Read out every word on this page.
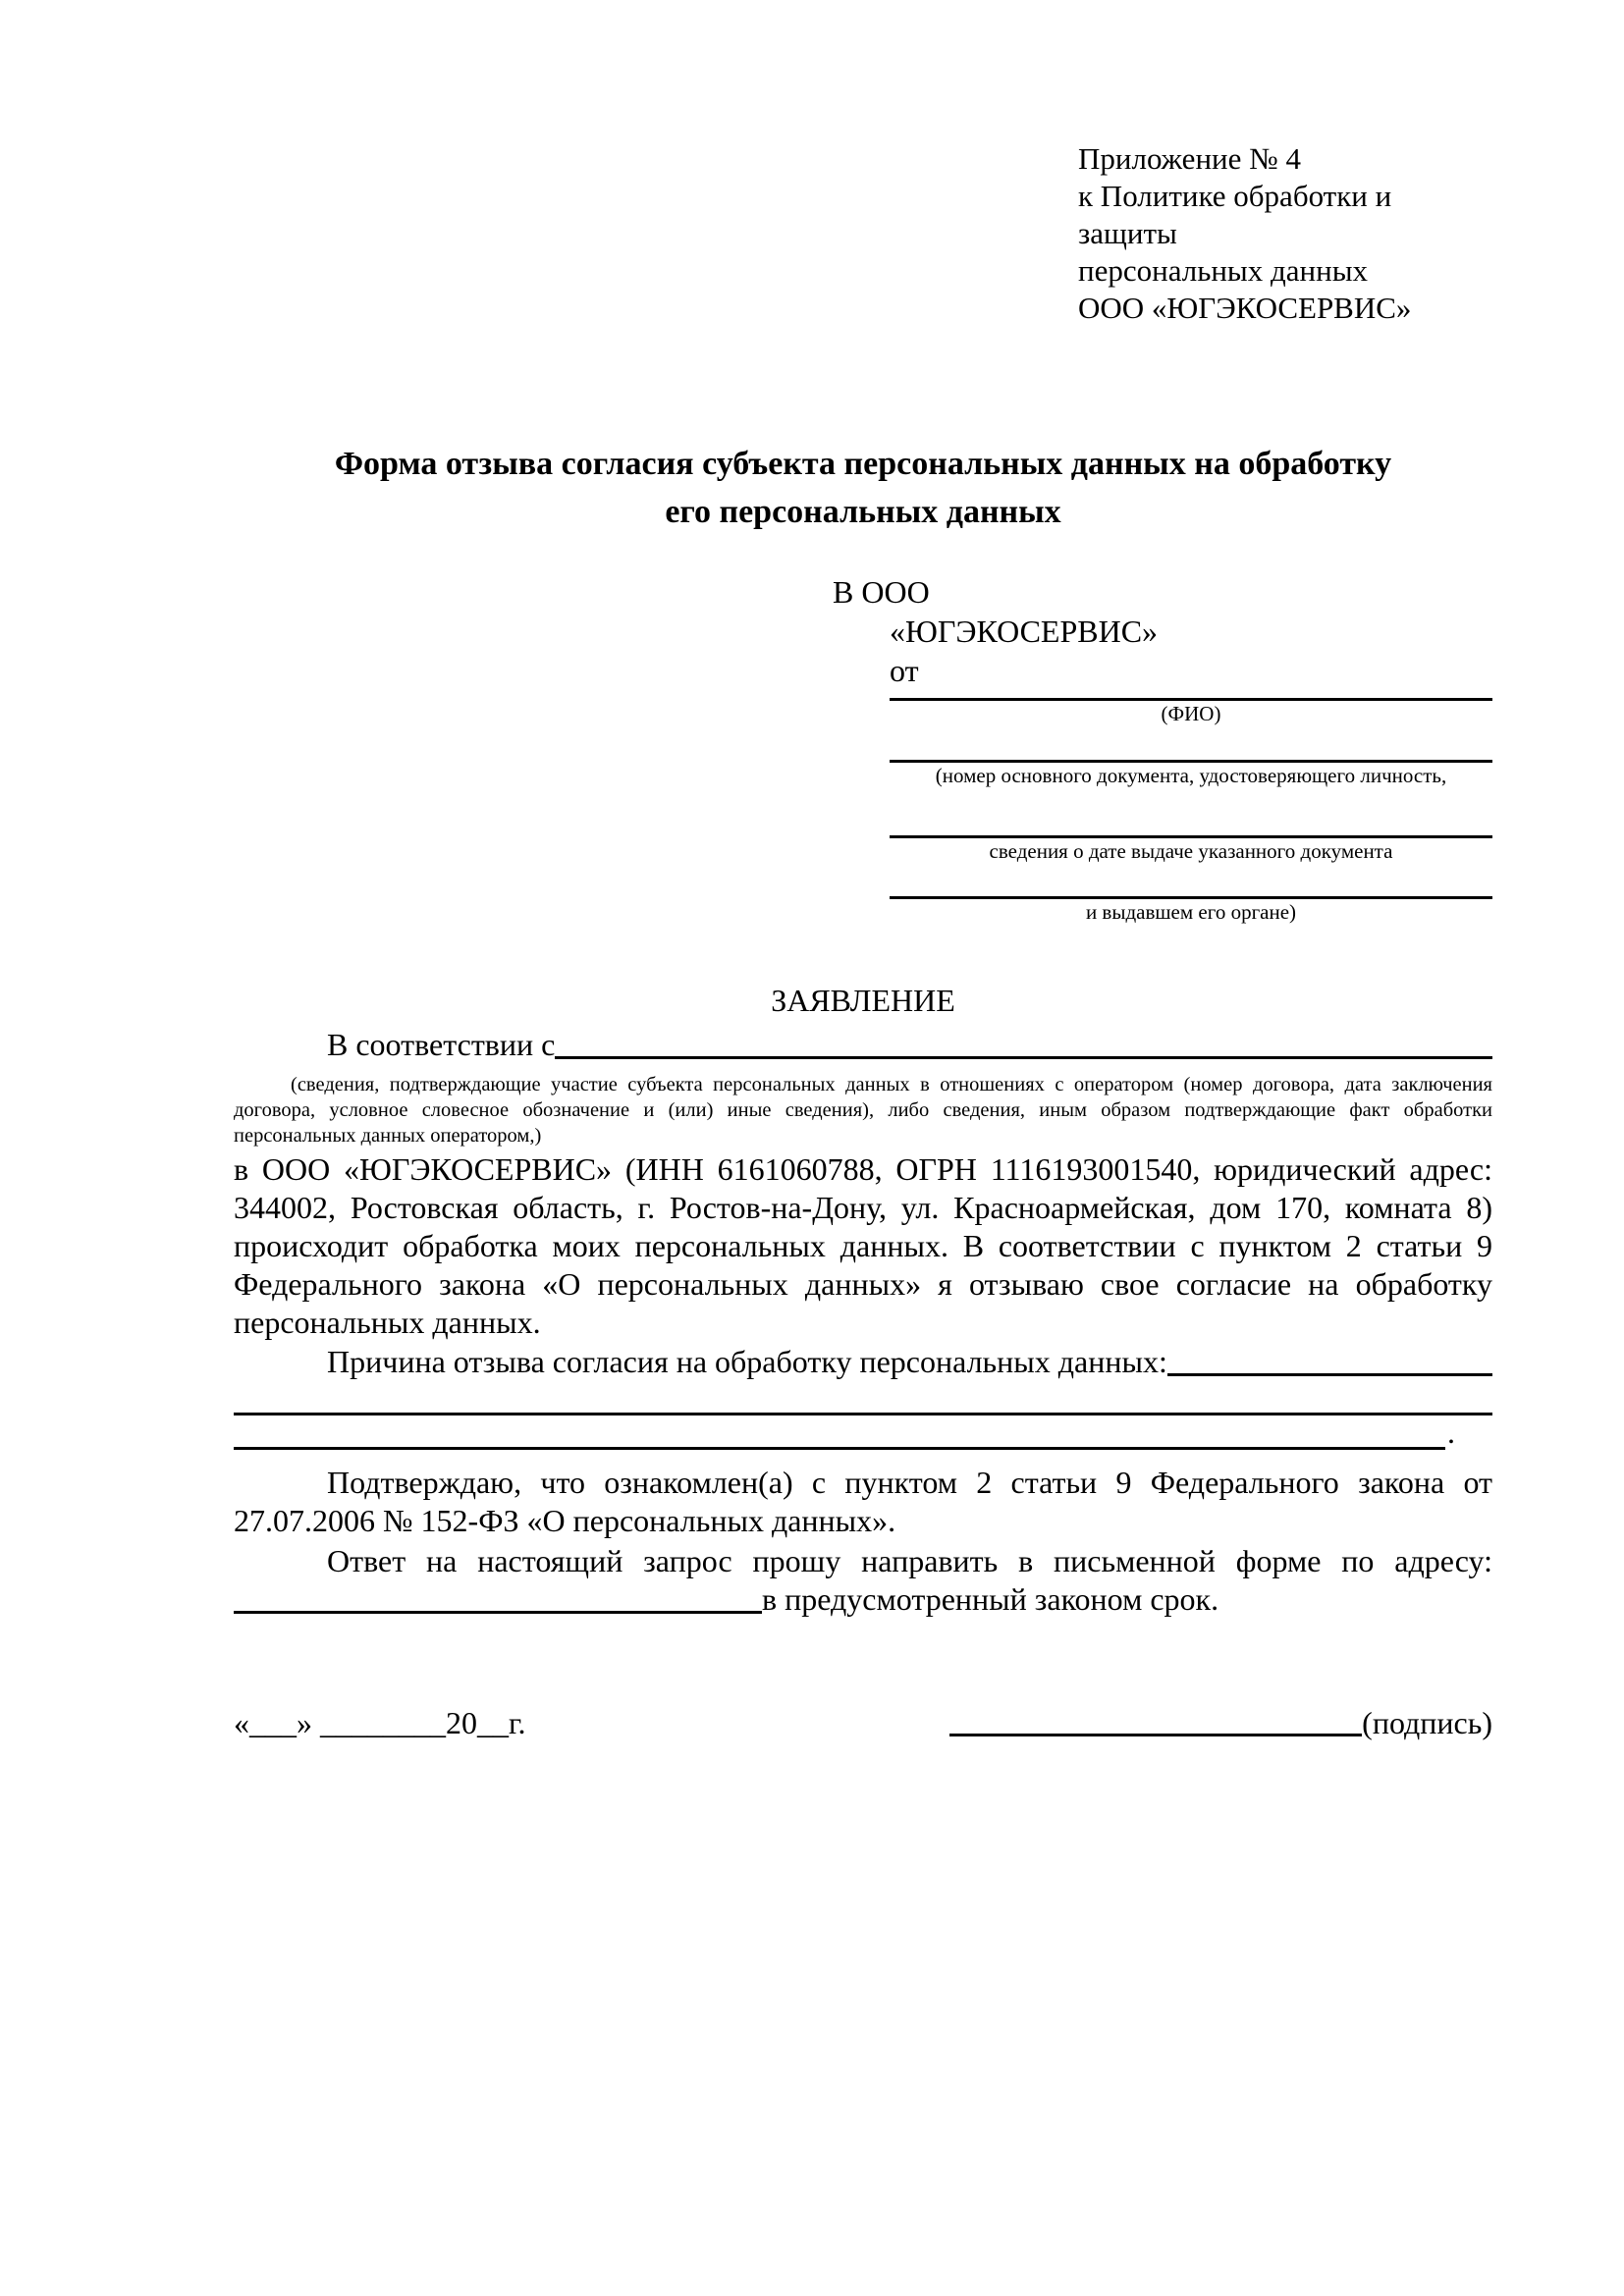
Приложение № 4
к Политике обработки и защиты
персональных данных
ООО «ЮГЭКОСЕРВИС»
Форма отзыва согласия субъекта персональных данных на обработку
его персональных данных
В ООО
«ЮГЭКОСЕРВИС»
от
(ФИО)
(номер основного документа, удостоверяющего личность,
сведения о дате выдаче указанного документа
и выдавшем его органе)
ЗАЯВЛЕНИЕ
В соответствии с
(сведения, подтверждающие участие субъекта персональных данных в отношениях с оператором (номер договора, дата заключения договора, условное словесное обозначение и (или) иные сведения), либо сведения, иным образом подтверждающие факт обработки персональных данных оператором,)

в ООО «ЮГЭКОСЕРВИС» (ИНН 6161060788, ОГРН 1116193001540, юридический адрес: 344002, Ростовская область, г. Ростов-на-Дону, ул. Красноармейская, дом 170, комната 8) происходит обработка моих персональных данных. В соответствии с пунктом 2 статьи 9 Федерального закона «О персональных данных» я отзываю свое согласие на обработку персональных данных.

Причина отзыва согласия на обработку персональных данных:
.

Подтверждаю, что ознакомлен(а) с пунктом 2 статьи 9 Федерального закона от 27.07.2006 № 152-ФЗ «О персональных данных».

Ответ на настоящий запрос прошу направить в письменной форме по адресу:

в предусмотренный законом срок.
«___» ________20__г.	(подпись)
